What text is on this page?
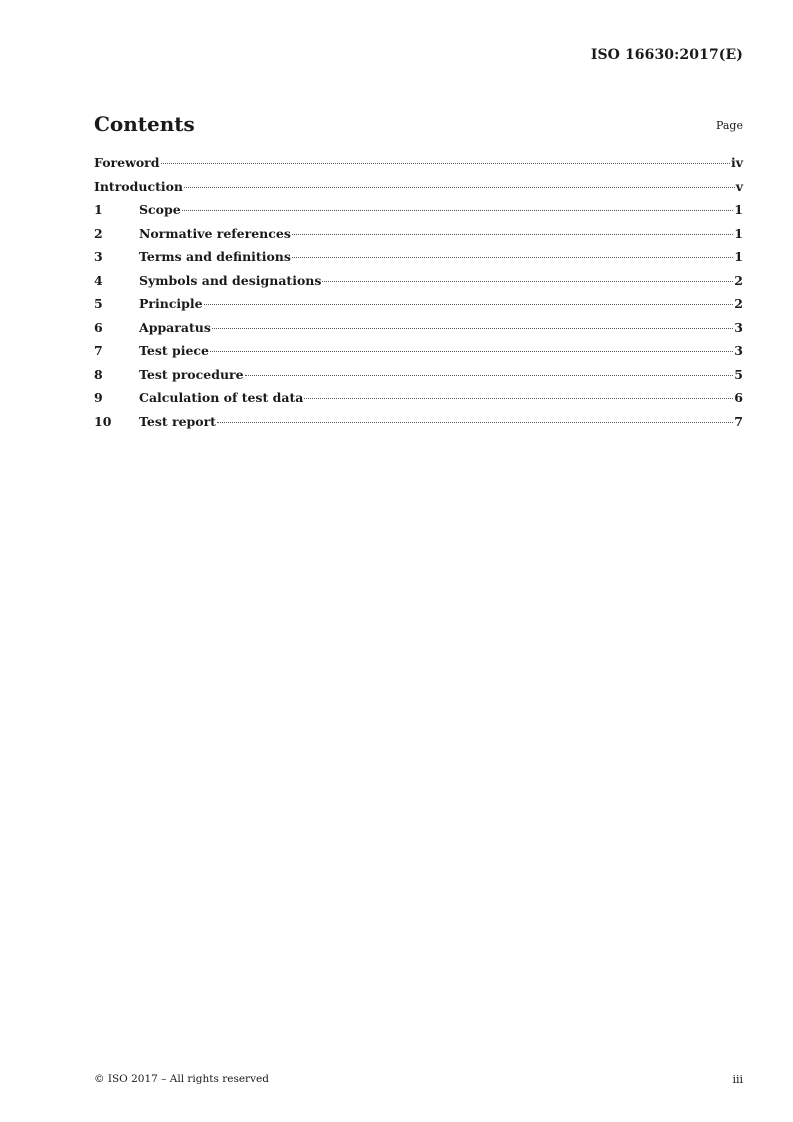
ISO 16630:2017(E)
Contents	Page
Foreword	iv
Introduction	v
1	Scope	1
2	Normative references	1
3	Terms and definitions	1
4	Symbols and designations	2
5	Principle	2
6	Apparatus	3
7	Test piece	3
8	Test procedure	5
9	Calculation of test data	6
10	Test report	7
© ISO 2017 – All rights reserved	iii
